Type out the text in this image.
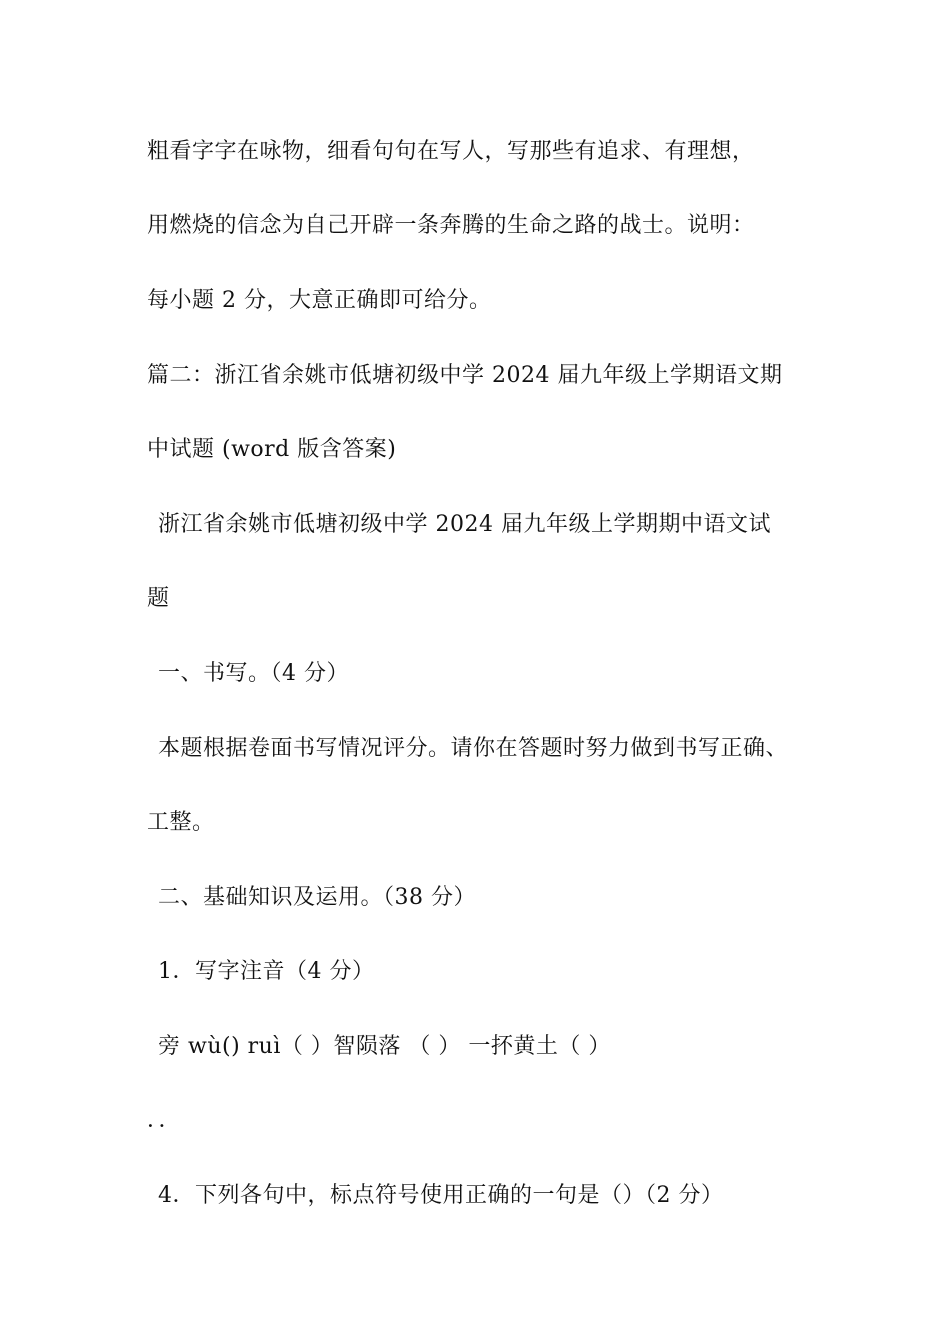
粗看字字在咏物，细看句句在写人，写那些有追求、有理想，
用燃烧的信念为自己开辟一条奔腾的生命之路的战士。说明：
每小题 2 分，大意正确即可给分。
篇二：浙江省余姚市低塘初级中学 2024 届九年级上学期语文期
中试题 (word 版含答案)
浙江省余姚市低塘初级中学 2024 届九年级上学期期中语文试
题
一、书写。（4 分）
本题根据卷面书写情况评分。请你在答题时努力做到书写正确、
工整。
二、基础知识及运用。（38 分）
1．写字注音（4 分）
旁 wù() ruì（ ）智陨落 （ ） 一抔黄土（ ）
．．
4．下列各句中，标点符号使用正确的一句是（）（2 分）
